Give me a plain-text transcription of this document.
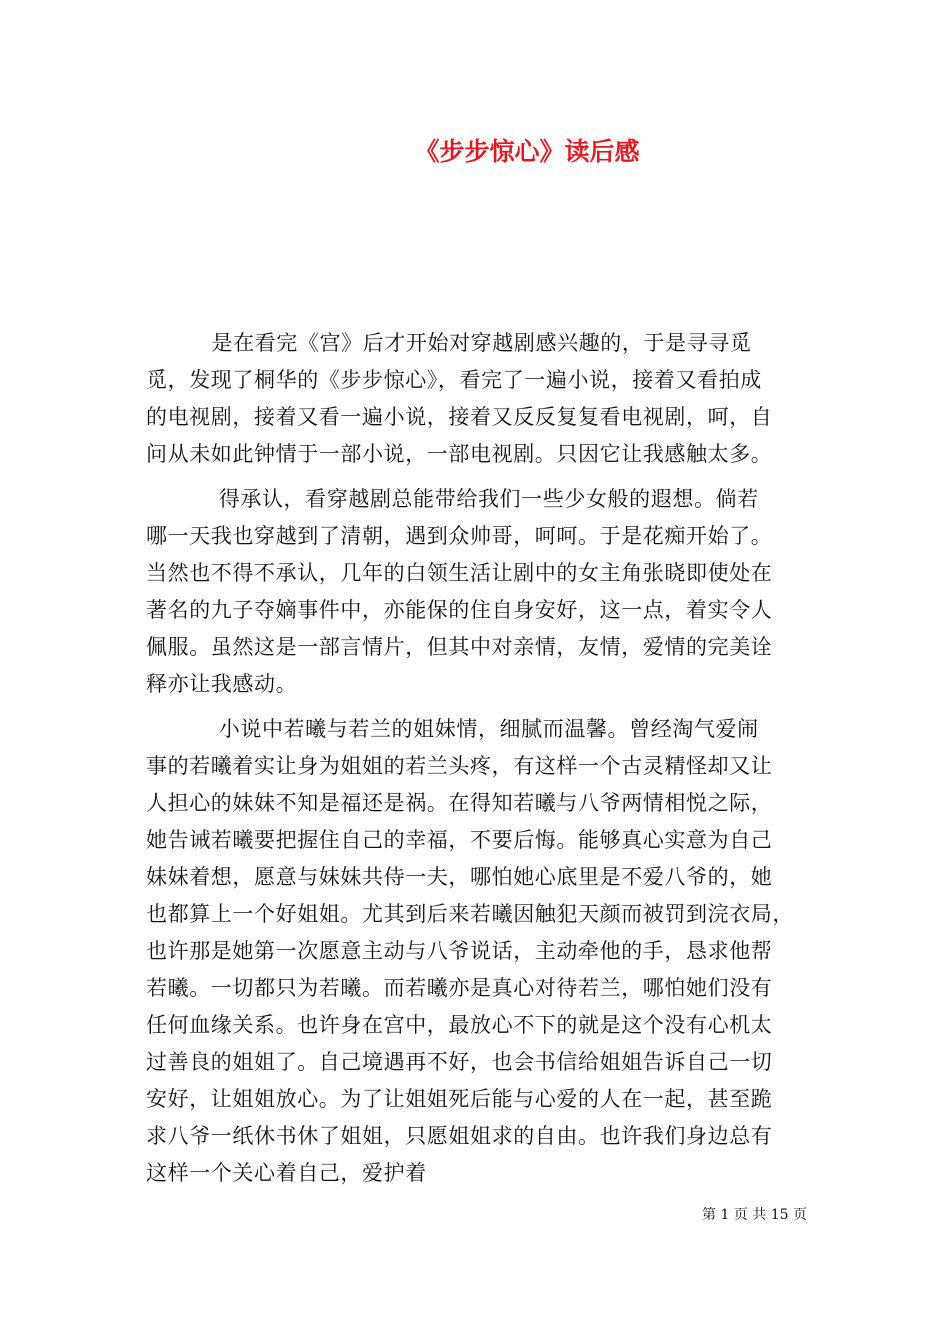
《步步惊心》读后感
是在看完《宫》后才开始对穿越剧感兴趣的，于是寻寻觅
觅，发现了桐华的《步步惊心》，看完了一遍小说，接着又看拍成
的电视剧，接着又看一遍小说，接着又反反复复看电视剧，呵，自
问从未如此钟情于一部小说，一部电视剧。只因它让我感触太多。
得承认，看穿越剧总能带给我们一些少女般的遐想。倘若
哪一天我也穿越到了清朝，遇到众帅哥，呵呵。于是花痴开始了。
当然也不得不承认，几年的白领生活让剧中的女主角张晓即使处在
著名的九子夺嫡事件中，亦能保的住自身安好，这一点，着实令人
佩服。虽然这是一部言情片，但其中对亲情，友情，爱情的完美诠
释亦让我感动。
小说中若曦与若兰的姐妹情，细腻而温馨。曾经淘气爱闹
事的若曦着实让身为姐姐的若兰头疼，有这样一个古灵精怪却又让
人担心的妹妹不知是福还是祸。在得知若曦与八爷两情相悦之际，
她告诫若曦要把握住自己的幸福，不要后悔。能够真心实意为自己
妹妹着想，愿意与妹妹共侍一夫，哪怕她心底里是不爱八爷的，她
也都算上一个好姐姐。尤其到后来若曦因触犯天颜而被罚到浣衣局，
也许那是她第一次愿意主动与八爷说话，主动牵他的手，恳求他帮
若曦。一切都只为若曦。而若曦亦是真心对待若兰，哪怕她们没有
任何血缘关系。也许身在宫中，最放心不下的就是这个没有心机太
过善良的姐姐了。自己境遇再不好，也会书信给姐姐告诉自己一切
安好，让姐姐放心。为了让姐姐死后能与心爱的人在一起，甚至跪
求八爷一纸休书休了姐姐，只愿姐姐求的自由。也许我们身边总有
这样一个关心着自己，爱护着
第 1 页 共 15 页
